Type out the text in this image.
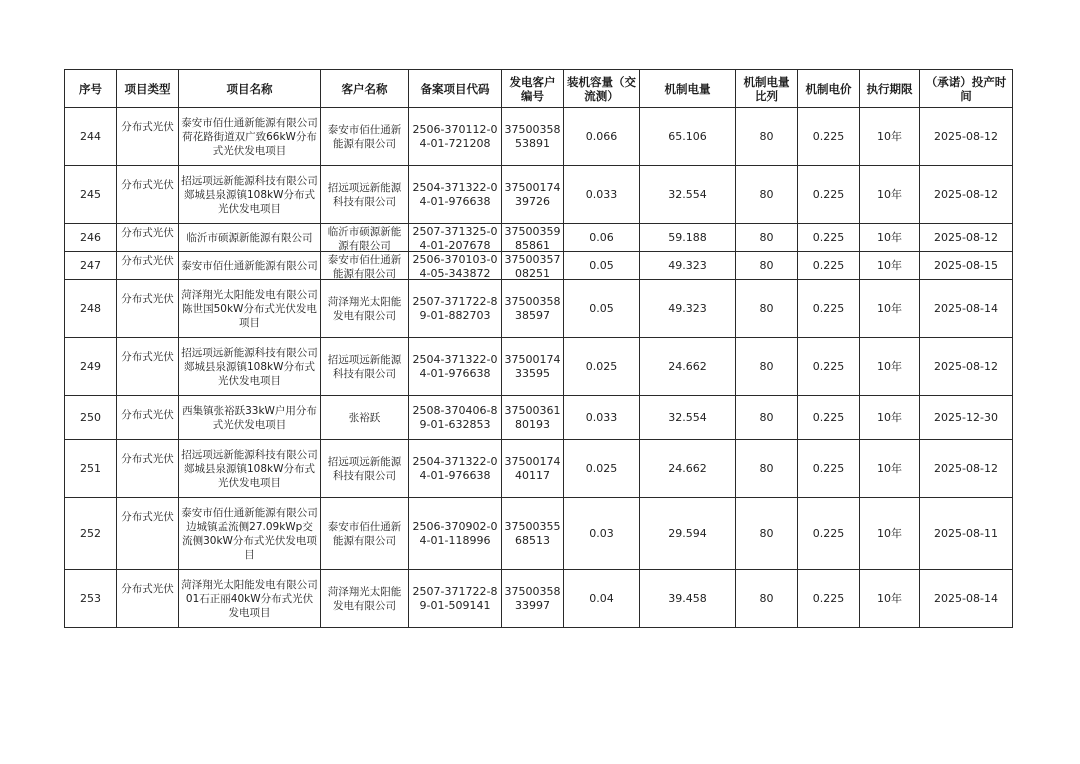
序号	项目类型	项目名称	客户名称	备案项目代码	发电客户编号	装机容量（交流测）	机制电量	机制电量比列	机制电价	执行期限	（承诺）投产时间

244	分布式光伏	泰安市佰仕通新能源有限公司荷花路街道双广致66kW分布式光伏发电项目	泰安市佰仕通新能源有限公司	2506-370112-04-01-721208	3750035853891	0.066	65.106	80	0.225	10年	2025-08-12

245	分布式光伏	招远项远新能源科技有限公司郯城县泉源镇108kW分布式光伏发电项目	招远项远新能源科技有限公司	2504-371322-04-01-976638	3750017439726	0.033	32.554	80	0.225	10年	2025-08-12

246	分布式光伏	临沂市硕源新能源有限公司	临沂市硕源新能源有限公司	2507-371325-04-01-207678	3750035985861	0.06	59.188	80	0.225	10年	2025-08-12

247	分布式光伏	泰安市佰仕通新能源有限公司	泰安市佰仕通新能源有限公司	2506-370103-04-05-343872	3750035708251	0.05	49.323	80	0.225	10年	2025-08-15

248	分布式光伏	菏泽翔光太阳能发电有限公司陈世国50kW分布式光伏发电项目	菏泽翔光太阳能发电有限公司	2507-371722-89-01-882703	3750035838597	0.05	49.323	80	0.225	10年	2025-08-14

249	分布式光伏	招远项远新能源科技有限公司郯城县泉源镇108kW分布式光伏发电项目	招远项远新能源科技有限公司	2504-371322-04-01-976638	3750017433595	0.025	24.662	80	0.225	10年	2025-08-12

250	分布式光伏	西集镇张裕跃33kW户用分布式光伏发电项目	张裕跃	2508-370406-89-01-632853	3750036180193	0.033	32.554	80	0.225	10年	2025-12-30

251	分布式光伏	招远项远新能源科技有限公司郯城县泉源镇108kW分布式光伏发电项目	招远项远新能源科技有限公司	2504-371322-04-01-976638	3750017440117	0.025	24.662	80	0.225	10年	2025-08-12

252	分布式光伏	泰安市佰仕通新能源有限公司边城镇孟流侧27.09kWp交流侧30kW分布式光伏发电项目	泰安市佰仕通新能源有限公司	2506-370902-04-01-118996	3750035568513	0.03	29.594	80	0.225	10年	2025-08-11

253	分布式光伏	菏泽翔光太阳能发电有限公司01石正丽40kW分布式光伏发电项目	菏泽翔光太阳能发电有限公司	2507-371722-89-01-509141	3750035833997	0.04	39.458	80	0.225	10年	2025-08-14
